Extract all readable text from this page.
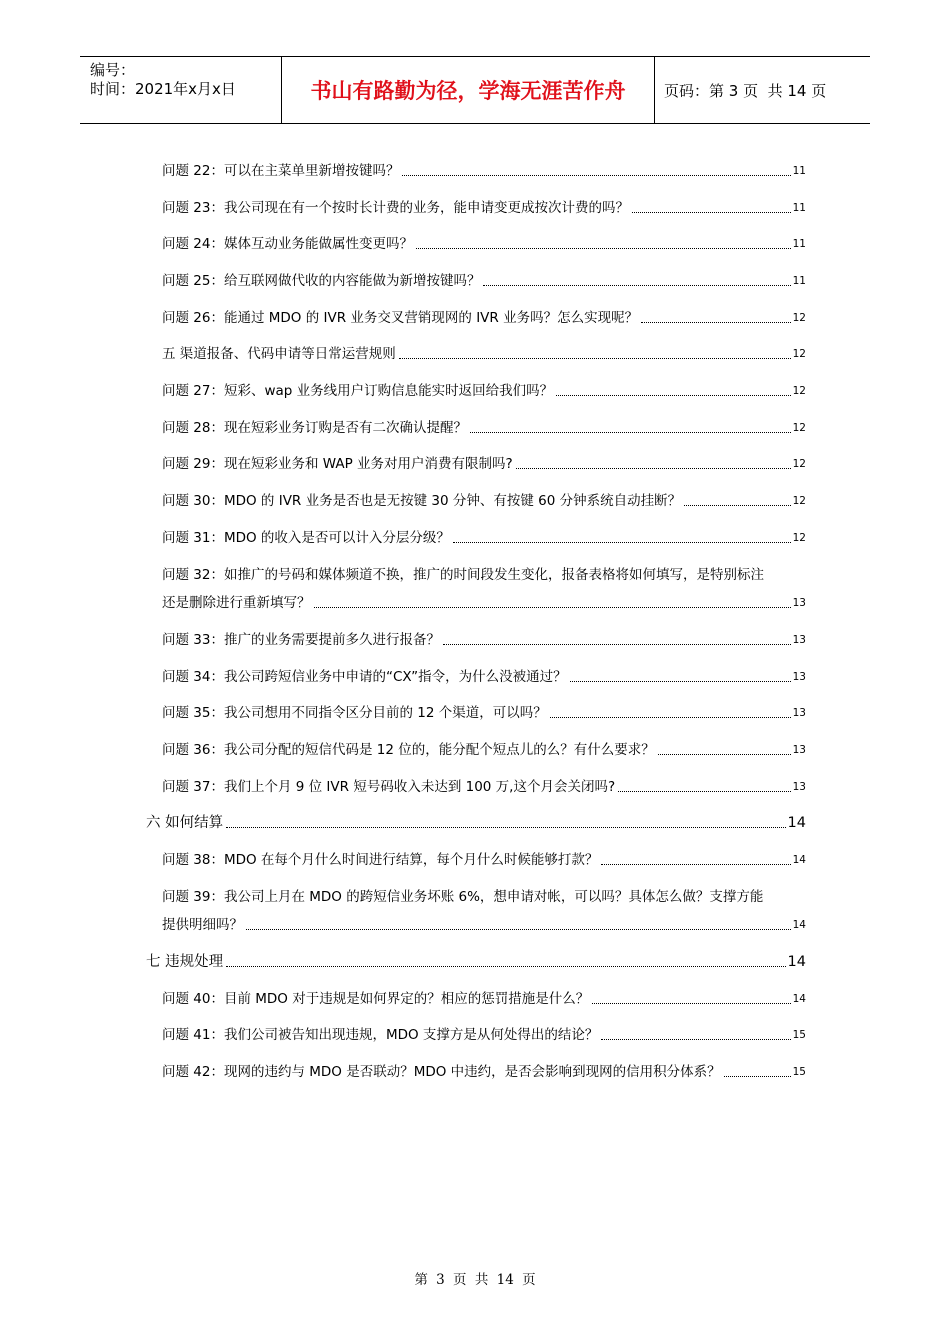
编号：
时间：2021年x月x日	书山有路勤为径，学海无涯苦作舟	页码：第 3 页  共 14 页
问题 22：可以在主菜单里新增按键吗？	11
问题 23：我公司现在有一个按时长计费的业务，能申请变更成按次计费的吗？	11
问题 24：媒体互动业务能做属性变更吗？	11
问题 25：给互联网做代收的内容能做为新增按键吗？	11
问题 26：能通过 MDO 的 IVR 业务交叉营销现网的 IVR 业务吗？怎么实现呢？	12
五 渠道报备、代码申请等日常运营规则	12
问题 27：短彩、wap 业务线用户订购信息能实时返回给我们吗？	12
问题 28：现在短彩业务订购是否有二次确认提醒？	12
问题 29：现在短彩业务和 WAP 业务对用户消费有限制吗?	12
问题 30：MDO 的 IVR 业务是否也是无按键 30 分钟、有按键 60 分钟系统自动挂断？	12
问题 31：MDO 的收入是否可以计入分层分级？	12
问题 32：如推广的号码和媒体频道不换，推广的时间段发生变化，报备表格将如何填写，是特别标注
还是删除进行重新填写？	13
问题 33：推广的业务需要提前多久进行报备？	13
问题 34：我公司跨短信业务中申请的“CX”指令，为什么没被通过？	13
问题 35：我公司想用不同指令区分目前的 12 个渠道，可以吗？	13
问题 36：我公司分配的短信代码是 12 位的，能分配个短点儿的么？有什么要求？	13
问题 37：我们上个月 9 位 IVR 短号码收入未达到 100 万,这个月会关闭吗?	13
六 如何结算	14
问题 38：MDO 在每个月什么时间进行结算，每个月什么时候能够打款？	14
问题 39：我公司上月在 MDO 的跨短信业务坏账 6%，想申请对帐，可以吗？具体怎么做？支撑方能
提供明细吗？	14
七 违规处理	14
问题 40：目前 MDO 对于违规是如何界定的？相应的惩罚措施是什么？	14
问题 41：我们公司被告知出现违规，MDO 支撑方是从何处得出的结论？	15
问题 42：现网的违约与 MDO 是否联动？MDO 中违约，是否会影响到现网的信用积分体系？	15
第 3 页 共 14 页
